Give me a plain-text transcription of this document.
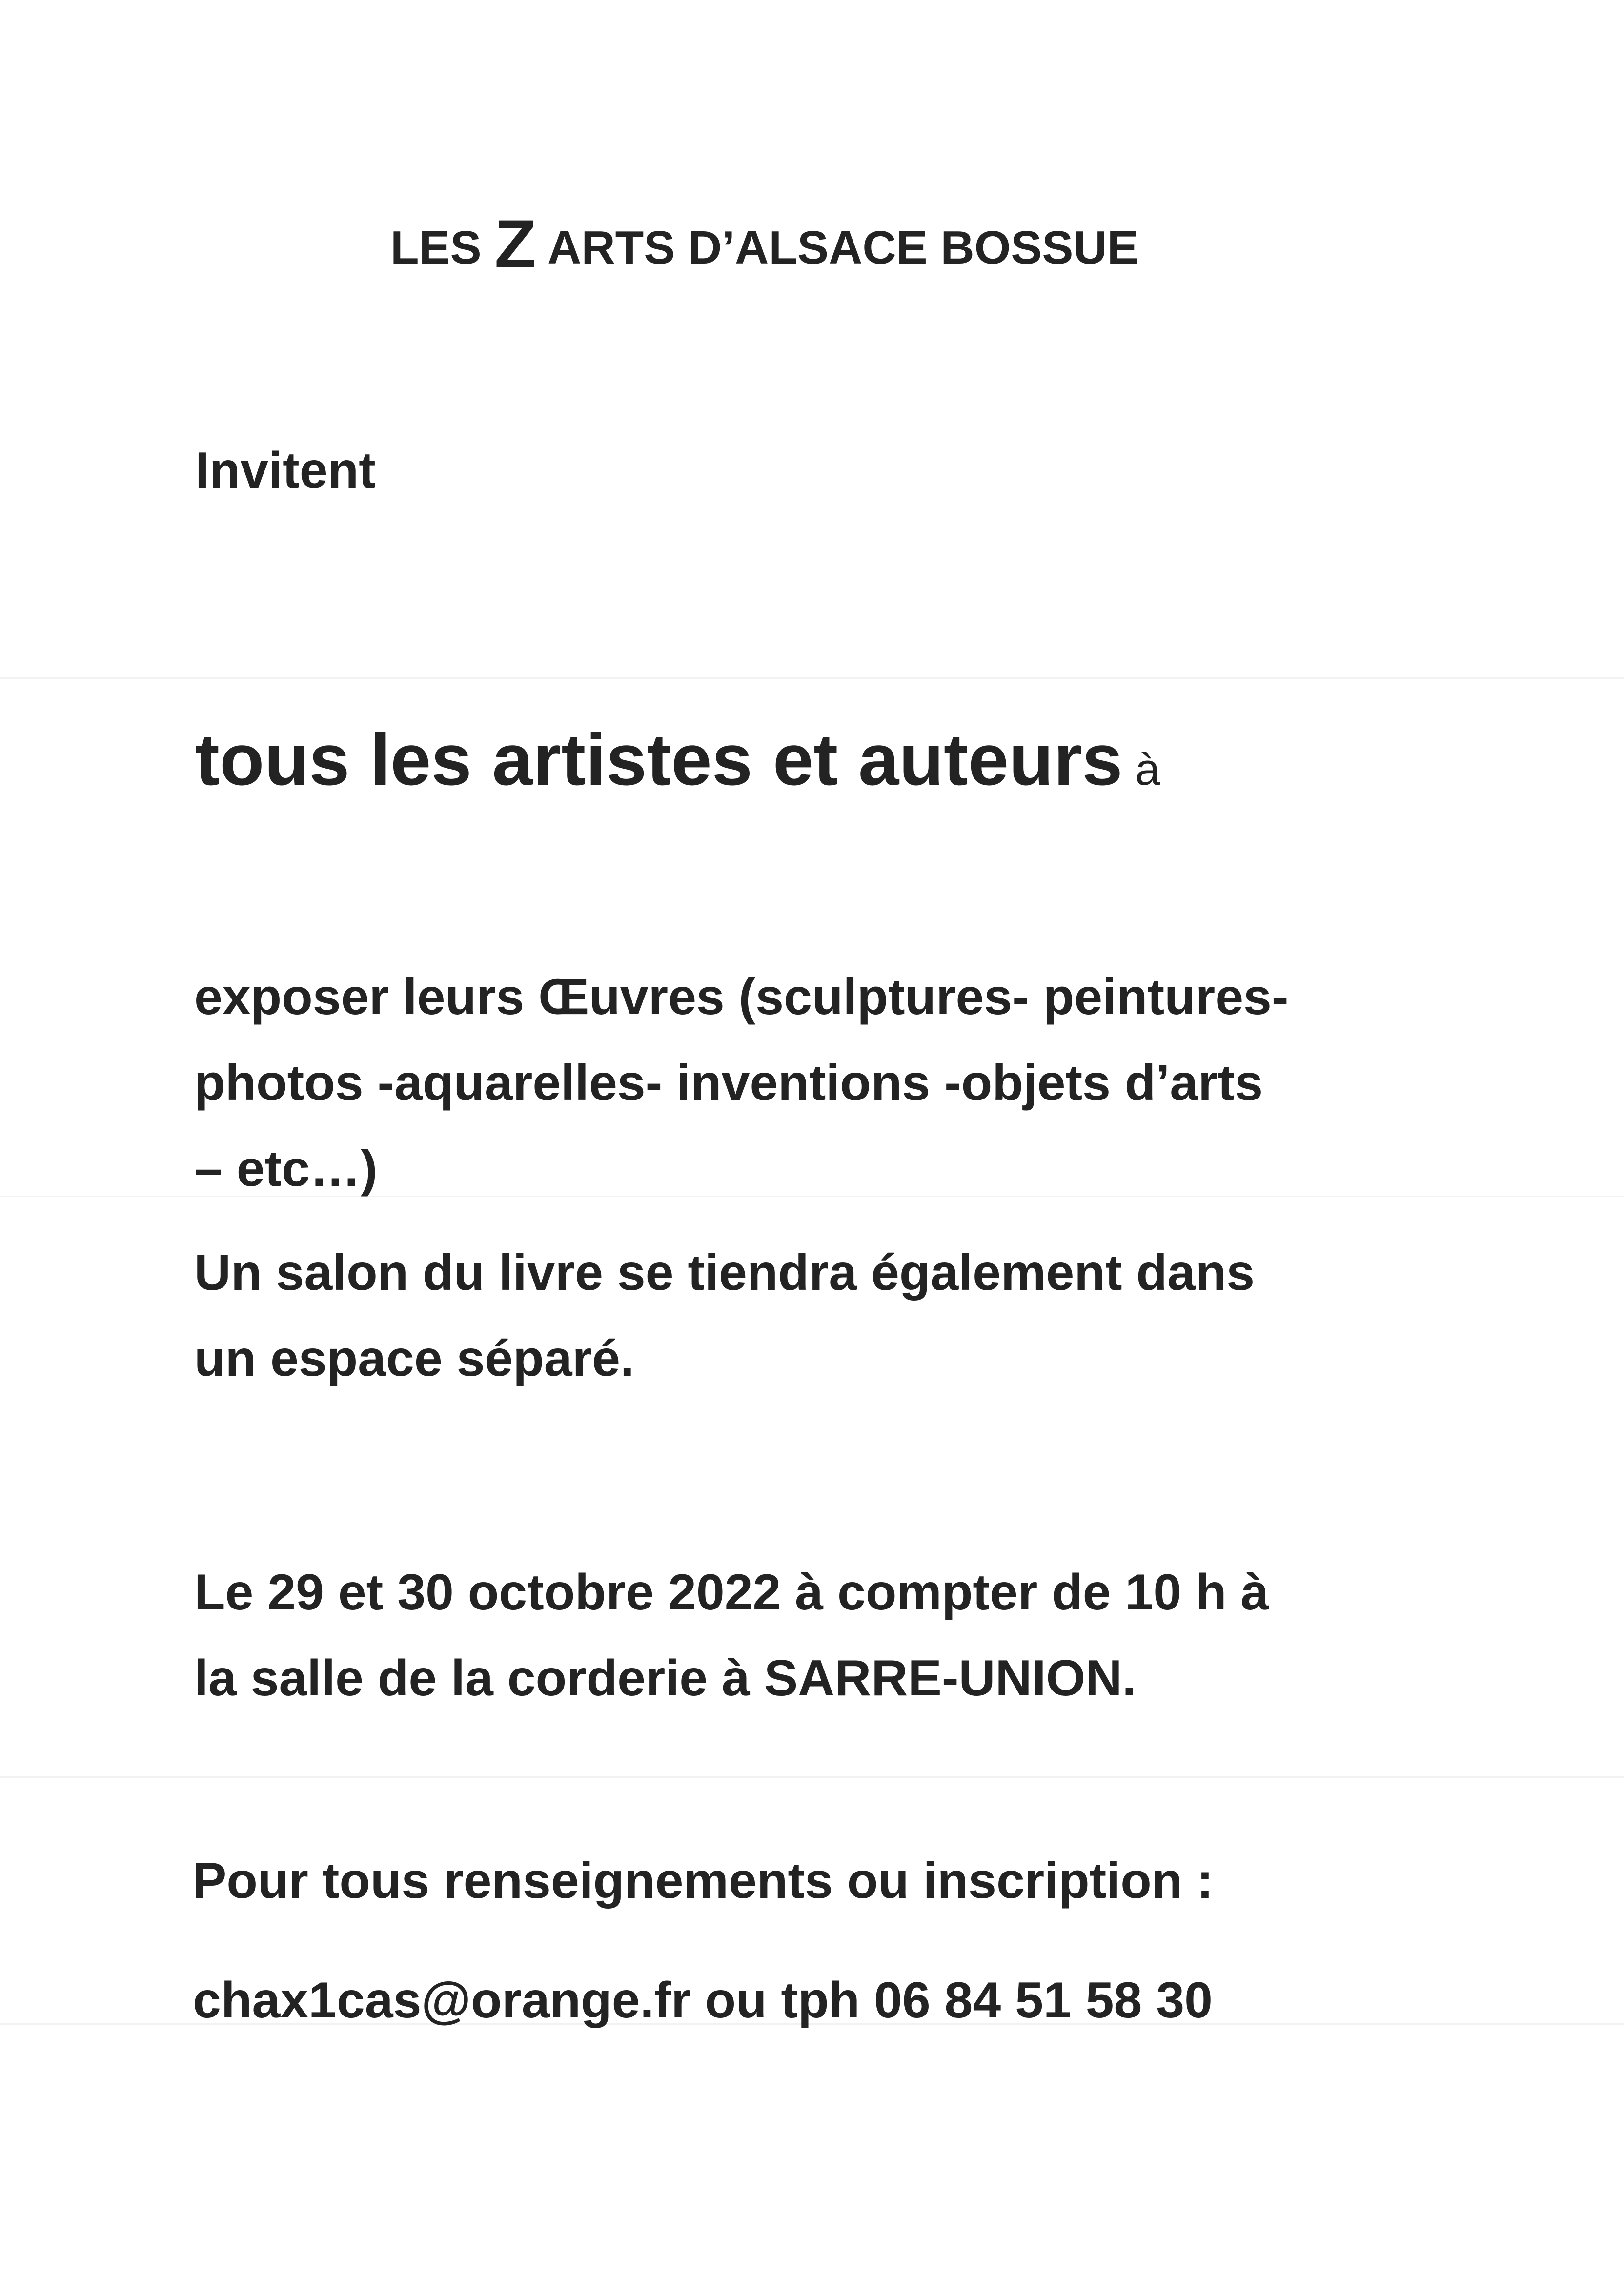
LES Z ARTS D’ALSACE BOSSUE

Invitent

tous les artistes et auteurs à

exposer leurs Œuvres (sculptures- peintures-
photos -aquarelles- inventions -objets d’arts
– etc…)
Un salon du livre se tiendra également dans
un espace séparé.
Le 29 et 30 octobre 2022 à compter de 10 h à
la salle de la corderie à SARRE-UNION.

Pour tous renseignements ou inscription :

chax1cas@orange.fr ou tph 06 84 51 58 30
